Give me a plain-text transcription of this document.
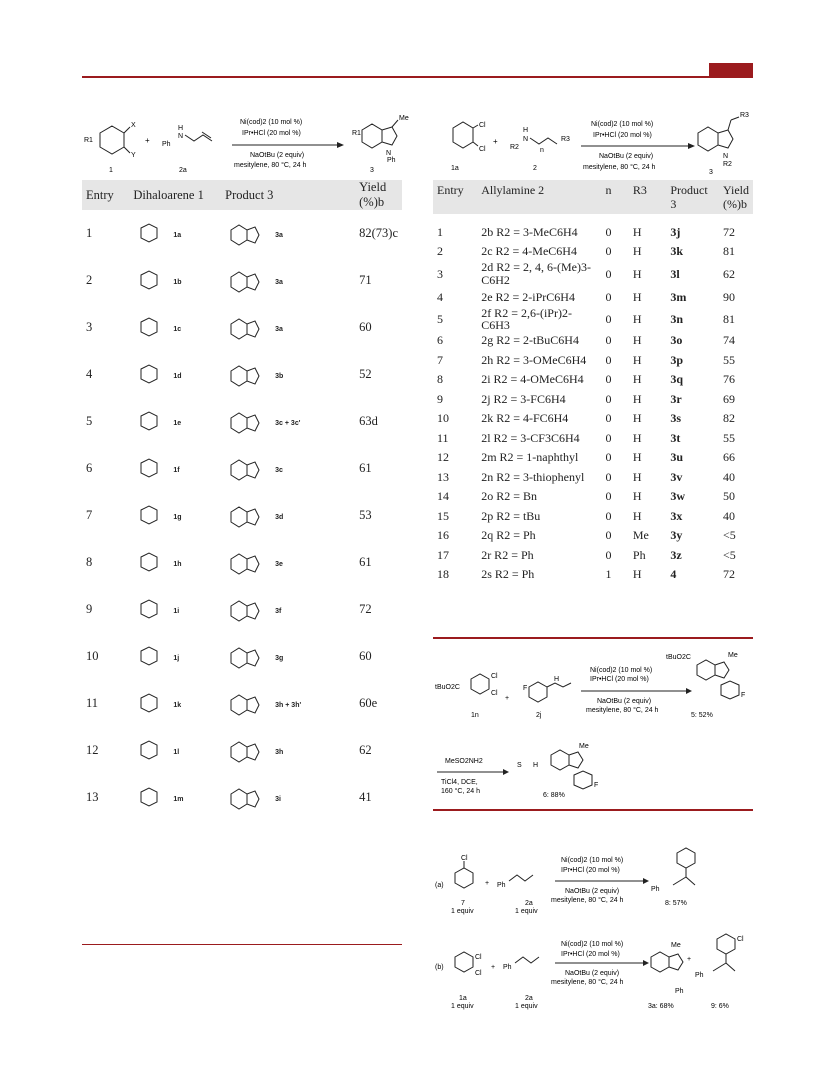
X
Y
R1
1
+
H
N
Ph
2a
Ni(cod)2 (10 mol %)
IPr•HCl (20 mol %)
NaOtBu (2 equiv)
mesitylene, 80 °C, 24 h
Me
N
Ph
R1
3
Entry	Dihaloarene 1	Product 3	Yield (%)b
1	1a	3a	82(73)c
2	1b	3a	71
3	1c	3a	60
4	1d	3b	52
5	1e	3c + 3c'	63d
6	1f	3c	61
7	1g	3d	53
8	1h	3e	61
9	1i	3f	72
10	1j	3g	60
11	1k	3h + 3h'	60e
12	1l	3h	62
13	1m	3i	41
Cl
Cl
1a
+
H
N
R2	n
R3
2
Ni(cod)2 (10 mol %)
IPr•HCl (20 mol %)
NaOtBu (2 equiv)
mesitylene, 80 °C, 24 h
R3
N
R2
3
Entry	Allylamine 2	n	R3	Product 3	Yield (%)b
1	2b R2 = 3-MeC6H4	0	H	3j	72
2	2c R2 = 4-MeC6H4	0	H	3k	81
3	2d R2 = 2, 4, 6-(Me)3-C6H2	0	H	3l	62
4	2e R2 = 2-iPrC6H4	0	H	3m	90
5	2f R2 = 2,6-(iPr)2-C6H3	0	H	3n	81
6	2g R2 = 2-tBuC6H4	0	H	3o	74
7	2h R2 = 3-OMeC6H4	0	H	3p	55
8	2i R2 = 4-OMeC6H4	0	H	3q	76
9	2j R2 = 3-FC6H4	0	H	3r	69
10	2k R2 = 4-FC6H4	0	H	3s	82
11	2l R2 = 3-CF3C6H4	0	H	3t	55
12	2m R2 = 1-naphthyl	0	H	3u	66
13	2n R2 = 3-thiophenyl	0	H	3v	40
14	2o R2 = Bn	0	H	3w	50
15	2p R2 = tBu	0	H	3x	40
16	2q R2 = Ph	0	Me	3y	<5
17	2r R2 = Ph	0	Ph	3z	<5
18	2s R2 = Ph	1	H	4	72
tBuO2C
Cl
Cl
1n
+
F
H
2j
Ni(cod)2 (10 mol %)
IPr•HCl (20 mol %)
NaOtBu (2 equiv)
mesitylene, 80 °C, 24 h
tBuO2C	Me
F
5: 52%
MeSO2NH2
TiCl4, DCE,
160 °C, 24 h
S H
Me
F
6: 88%
(a)
Cl
7
1 equiv
+ Ph
2a
1 equiv
Ni(cod)2 (10 mol %)
IPr•HCl (20 mol %)
NaOtBu (2 equiv)
mesitylene, 80 °C, 24 h
Ph
8: 57%
(b)
Cl
Cl
1a
1 equiv
+ Ph
2a
1 equiv
Ni(cod)2 (10 mol %)
IPr•HCl (20 mol %)
NaOtBu (2 equiv)
mesitylene, 80 °C, 24 h
Me
Ph
3a: 68%
+
Cl
Ph
9: 6%
